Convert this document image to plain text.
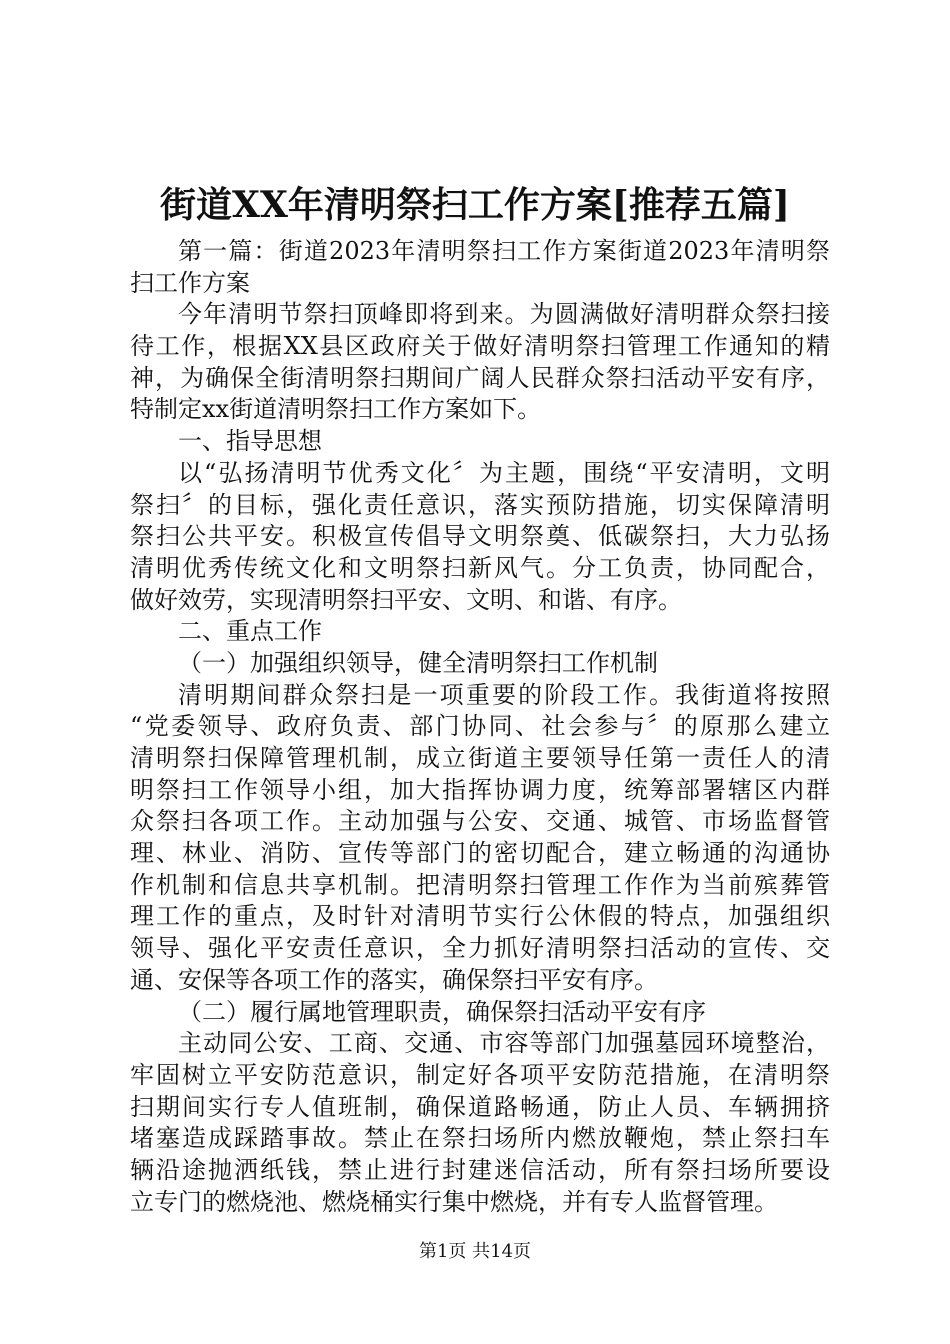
街道XX年清明祭扫工作方案[推荐五篇]
第一篇：街道2023年清明祭扫工作方案街道2023年清明祭
扫工作方案
今年清明节祭扫顶峰即将到来。为圆满做好清明群众祭扫接
待工作，根据XX县区政府关于做好清明祭扫管理工作通知的精
神，为确保全街清明祭扫期间广阔人民群众祭扫活动平安有序，
特制定xx街道清明祭扫工作方案如下。
一、指导思想
以“弘扬清明节优秀文化〞为主题，围绕“平安清明，文明
祭扫〞的目标，强化责任意识，落实预防措施，切实保障清明
祭扫公共平安。积极宣传倡导文明祭奠、低碳祭扫，大力弘扬
清明优秀传统文化和文明祭扫新风气。分工负责，协同配合，
做好效劳，实现清明祭扫平安、文明、和谐、有序。
二、重点工作
（一）加强组织领导，健全清明祭扫工作机制
清明期间群众祭扫是一项重要的阶段工作。我街道将按照
“党委领导、政府负责、部门协同、社会参与〞的原那么建立
清明祭扫保障管理机制，成立街道主要领导任第一责任人的清
明祭扫工作领导小组，加大指挥协调力度，统筹部署辖区内群
众祭扫各项工作。主动加强与公安、交通、城管、市场监督管
理、林业、消防、宣传等部门的密切配合，建立畅通的沟通协
作机制和信息共享机制。把清明祭扫管理工作作为当前殡葬管
理工作的重点，及时针对清明节实行公休假的特点，加强组织
领导、强化平安责任意识，全力抓好清明祭扫活动的宣传、交
通、安保等各项工作的落实，确保祭扫平安有序。
（二）履行属地管理职责，确保祭扫活动平安有序
主动同公安、工商、交通、市容等部门加强墓园环境整治，
牢固树立平安防范意识，制定好各项平安防范措施，在清明祭
扫期间实行专人值班制，确保道路畅通，防止人员、车辆拥挤
堵塞造成踩踏事故。禁止在祭扫场所内燃放鞭炮，禁止祭扫车
辆沿途抛洒纸钱，禁止进行封建迷信活动，所有祭扫场所要设
立专门的燃烧池、燃烧桶实行集中燃烧，并有专人监督管理。
第1页 共14页
